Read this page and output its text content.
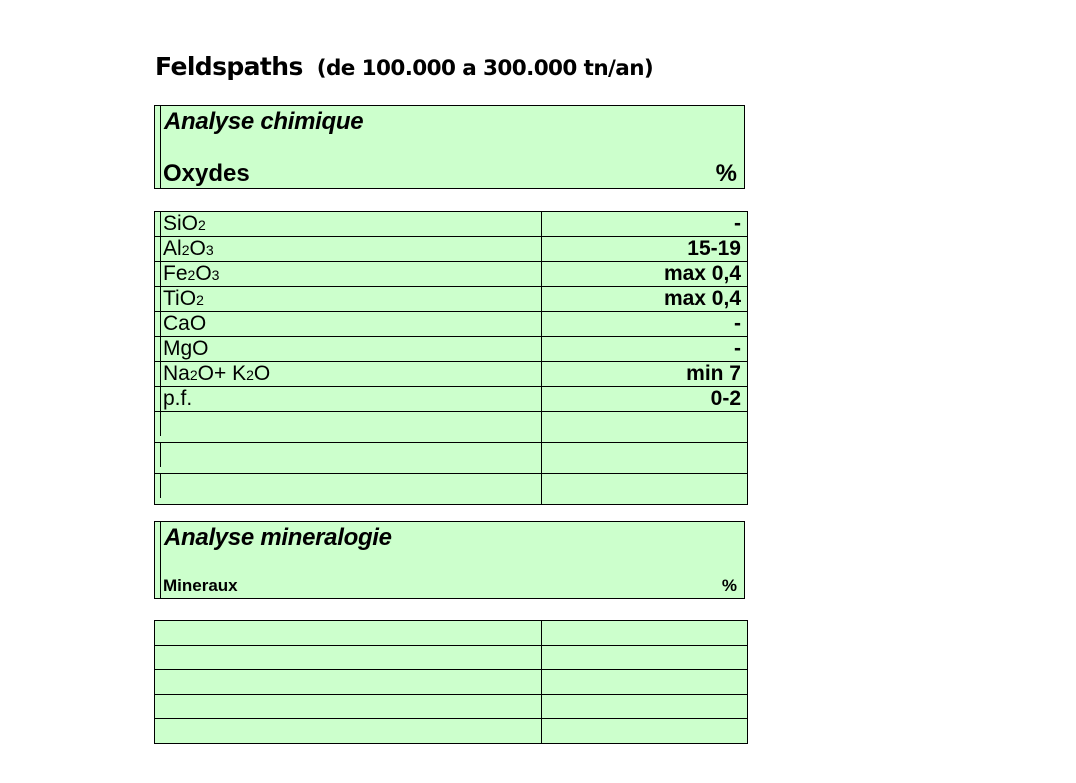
Feldspaths (de 100.000 a 300.000 tn/an)
Analyse chimique
Oxydes	%
SiO2	-
Al2O3	15-19
Fe2O3	max 0,4
TiO2	max 0,4
CaO	-
MgO	-
Na2O+ K2O	min 7
p.f.	0-2

Analyse mineralogie
Mineraux	%
